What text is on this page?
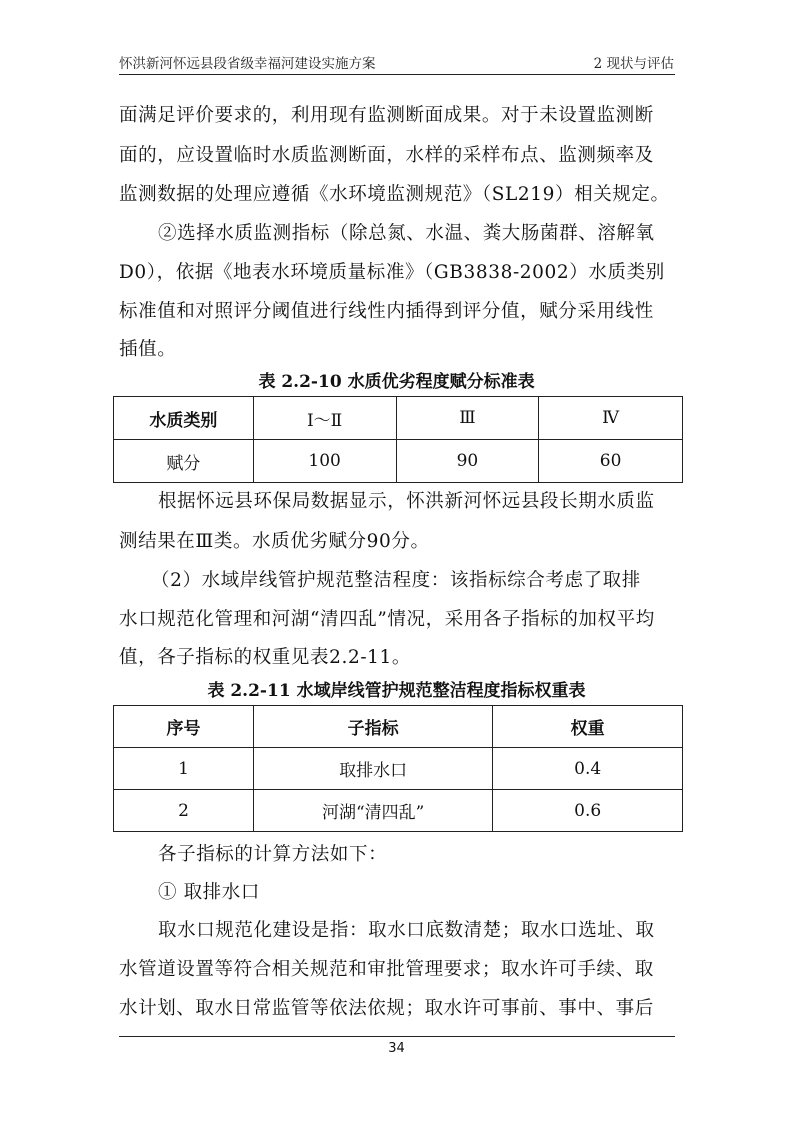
怀洪新河怀远县段省级幸福河建设实施方案	2 现状与评估
面满足评价要求的，利用现有监测断面成果。对于未设置监测断
面的，应设置临时水质监测断面，水样的采样布点、监测频率及
监测数据的处理应遵循《水环境监测规范》（SL219）相关规定。
②选择水质监测指标（除总氮、水温、粪大肠菌群、溶解氧
D0），依据《地表水环境质量标准》（GB3838-2002）水质类别
标准值和对照评分阈值进行线性内插得到评分值，赋分采用线性
插值。
表 2.2-10 水质优劣程度赋分标准表
水质类别	Ⅰ～Ⅱ	Ⅲ	Ⅳ
赋分	100	90	60
根据怀远县环保局数据显示，怀洪新河怀远县段长期水质监
测结果在Ⅲ类。水质优劣赋分90分。
（2）水域岸线管护规范整洁程度：该指标综合考虑了取排
水口规范化管理和河湖“清四乱”情况，采用各子指标的加权平均
值，各子指标的权重见表2.2-11。
表 2.2-11 水域岸线管护规范整洁程度指标权重表
序号	子指标	权重
1	取排水口	0.4
2	河湖“清四乱”	0.6
各子指标的计算方法如下：
① 取排水口
取水口规范化建设是指：取水口底数清楚；取水口选址、取
水管道设置等符合相关规范和审批管理要求；取水许可手续、取
水计划、取水日常监管等依法依规；取水许可事前、事中、事后
34
